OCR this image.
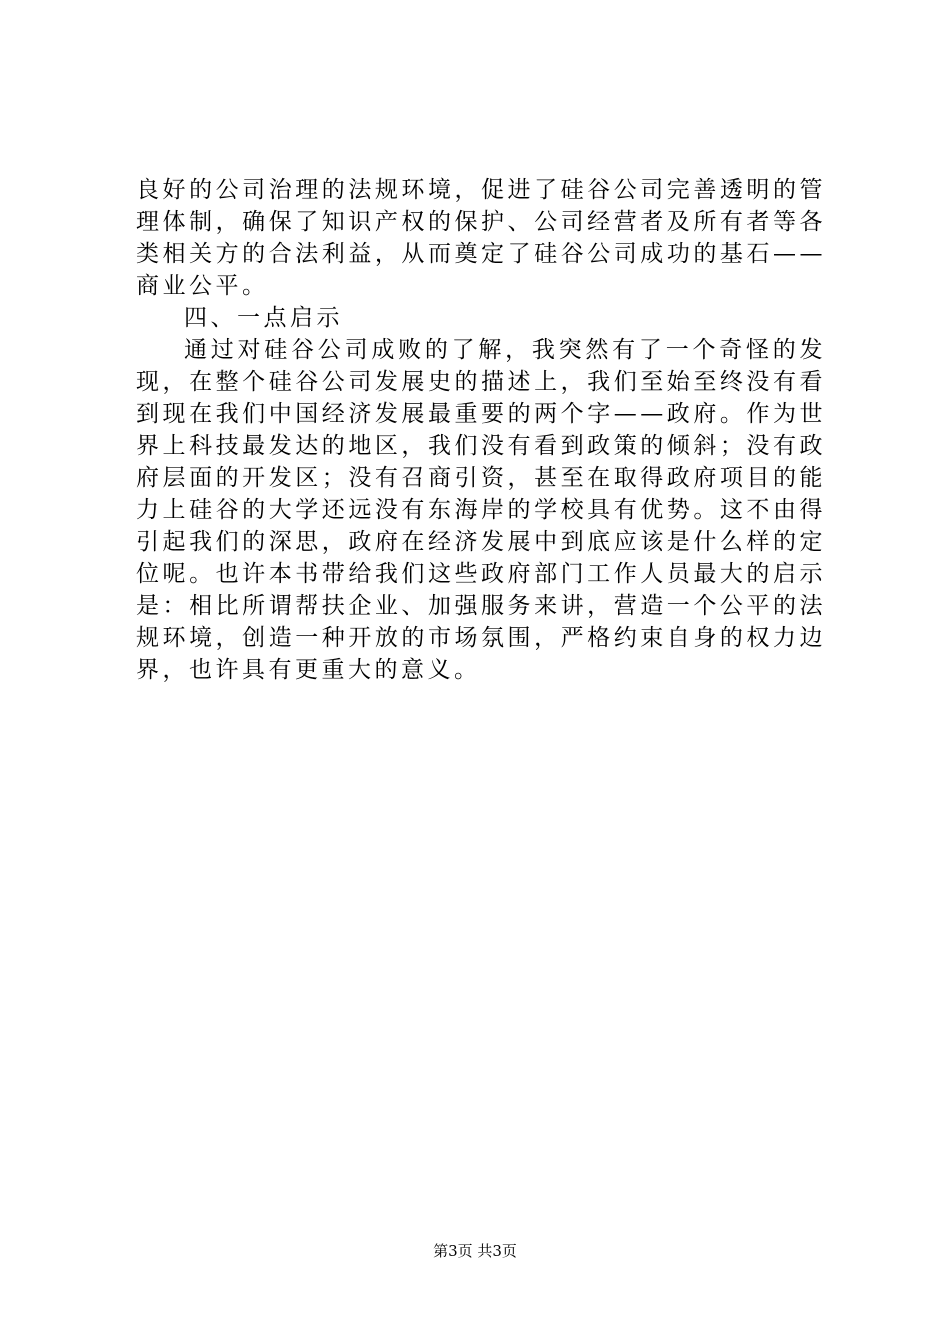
良好的公司治理的法规环境，促进了硅谷公司完善透明的管理体制，确保了知识产权的保护、公司经营者及所有者等各类相关方的合法利益，从而奠定了硅谷公司成功的基石——商业公平。

四、一点启示

通过对硅谷公司成败的了解，我突然有了一个奇怪的发现，在整个硅谷公司发展史的描述上，我们至始至终没有看到现在我们中国经济发展最重要的两个字——政府。作为世界上科技最发达的地区，我们没有看到政策的倾斜；没有政府层面的开发区；没有召商引资，甚至在取得政府项目的能力上硅谷的大学还远没有东海岸的学校具有优势。这不由得引起我们的深思，政府在经济发展中到底应该是什么样的定位呢。也许本书带给我们这些政府部门工作人员最大的启示是：相比所谓帮扶企业、加强服务来讲，营造一个公平的法规环境，创造一种开放的市场氛围，严格约束自身的权力边界，也许具有更重大的意义。

第3页 共3页
